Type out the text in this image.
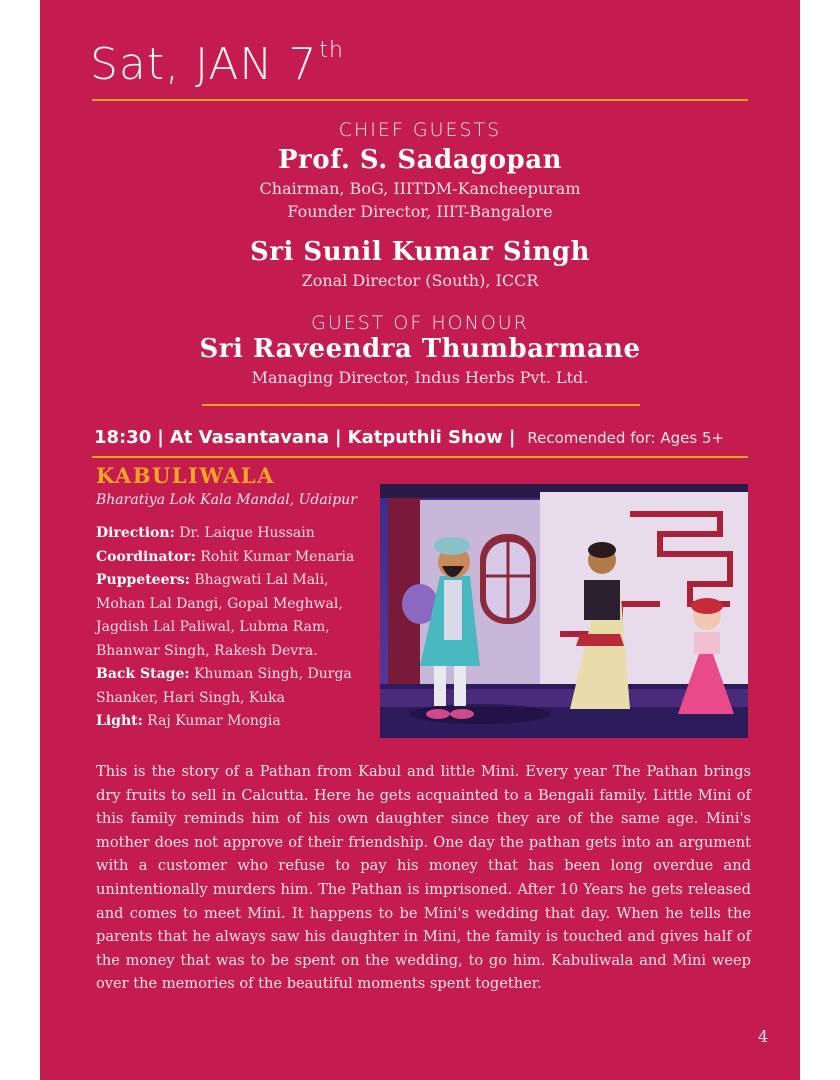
Sat, JAN 7th
CHIEF GUESTS
Prof. S. Sadagopan
Chairman, BoG, IIITDM-Kancheepuram
Founder Director, IIIT-Bangalore
Sri Sunil Kumar Singh
Zonal Director (South), ICCR
GUEST OF HONOUR
Sri Raveendra Thumbarmane
Managing Director, Indus Herbs Pvt. Ltd.
18:30 | At Vasantavana | Katputhli Show | Recomended for: Ages 5+
KABULIWALA
Bharatiya Lok Kala Mandal, Udaipur
Direction: Dr. Laique Hussain
Coordinator: Rohit Kumar Menaria
Puppeteers: Bhagwati Lal Mali, Mohan Lal Dangi, Gopal Meghwal, Jagdish Lal Paliwal, Lubma Ram, Bhanwar Singh, Rakesh Devra.
Back Stage: Khuman Singh, Durga Shanker, Hari Singh, Kuka
Light: Raj Kumar Mongia

This is the story of a Pathan from Kabul and little Mini. Every year The Pathan brings dry fruits to sell in Calcutta. Here he gets acquainted to a Bengali family. Little Mini of this family reminds him of his own daughter since they are of the same age. Mini's mother does not approve of their friendship. One day the pathan gets into an argument with a customer who refuse to pay his money that has been long overdue and unintentionally murders him. The Pathan is imprisoned. After 10 Years he gets released and comes to meet Mini. It happens to be Mini's wedding that day. When he tells the parents that he always saw his daughter in Mini, the family is touched and gives half of the money that was to be spent on the wedding, to go him. Kabuliwala and Mini weep over the memories of the beautiful moments spent together.

4
